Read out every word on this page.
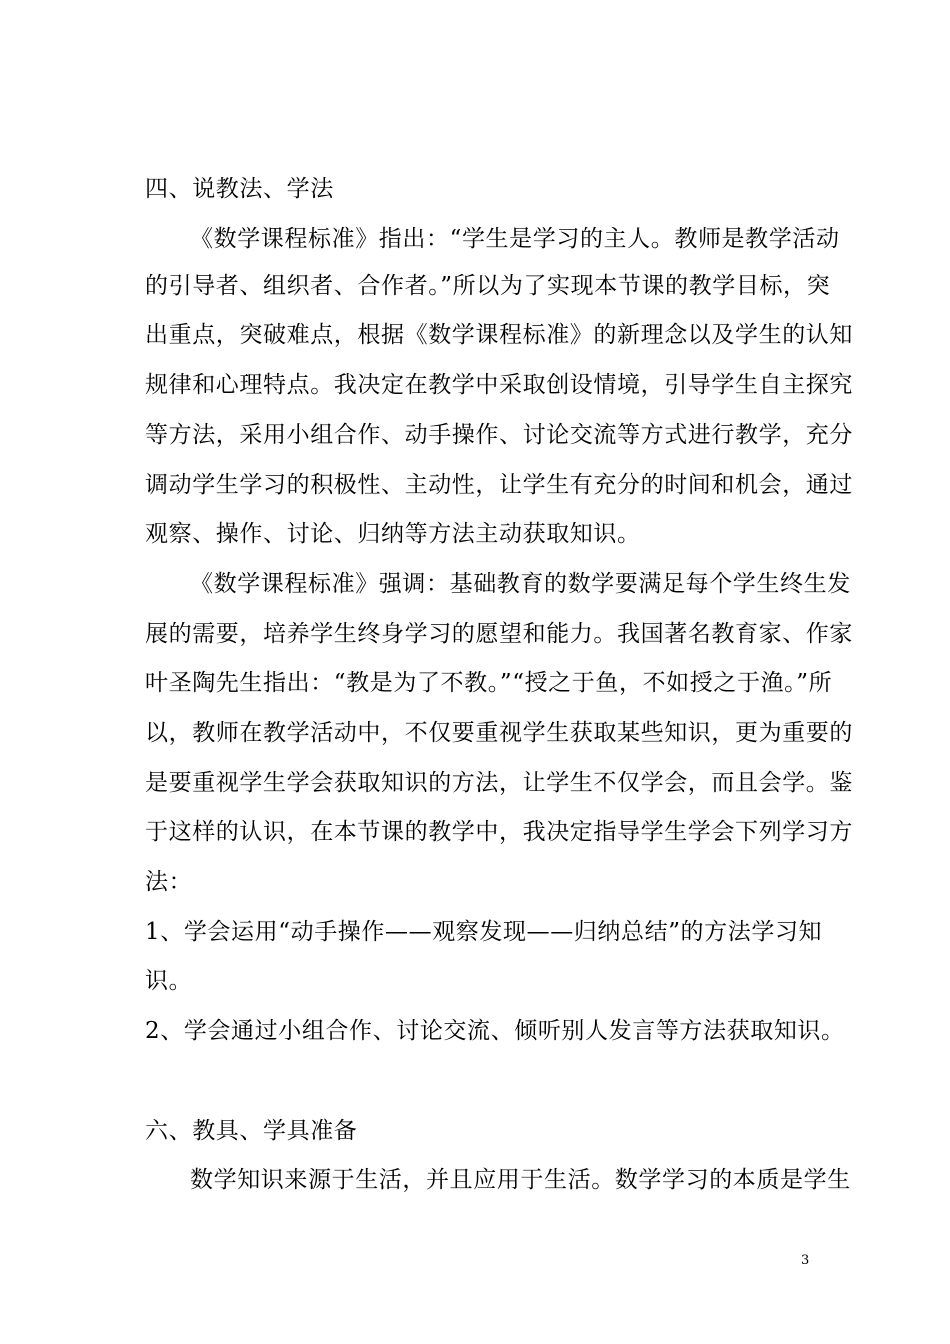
四、说教法、学法
《数学课程标准》指出：“学生是学习的主人。教师是教学活动
的引导者、组织者、合作者。”所以为了实现本节课的教学目标，突
出重点，突破难点，根据《数学课程标准》的新理念以及学生的认知
规律和心理特点。我决定在教学中采取创设情境，引导学生自主探究
等方法，采用小组合作、动手操作、讨论交流等方式进行教学，充分
调动学生学习的积极性、主动性，让学生有充分的时间和机会，通过
观察、操作、讨论、归纳等方法主动获取知识。
《数学课程标准》强调：基础教育的数学要满足每个学生终生发
展的需要，培养学生终身学习的愿望和能力。我国著名教育家、作家
叶圣陶先生指出：“教是为了不教。”“授之于鱼，不如授之于渔。”所
以，教师在教学活动中，不仅要重视学生获取某些知识，更为重要的
是要重视学生学会获取知识的方法，让学生不仅学会，而且会学。鉴
于这样的认识，在本节课的教学中，我决定指导学生学会下列学习方
法：
1、学会运用“动手操作——观察发现——归纳总结”的方法学习知
识。
2、学会通过小组合作、讨论交流、倾听别人发言等方法获取知识。
六、教具、学具准备
数学知识来源于生活，并且应用于生活。数学学习的本质是学生
3
